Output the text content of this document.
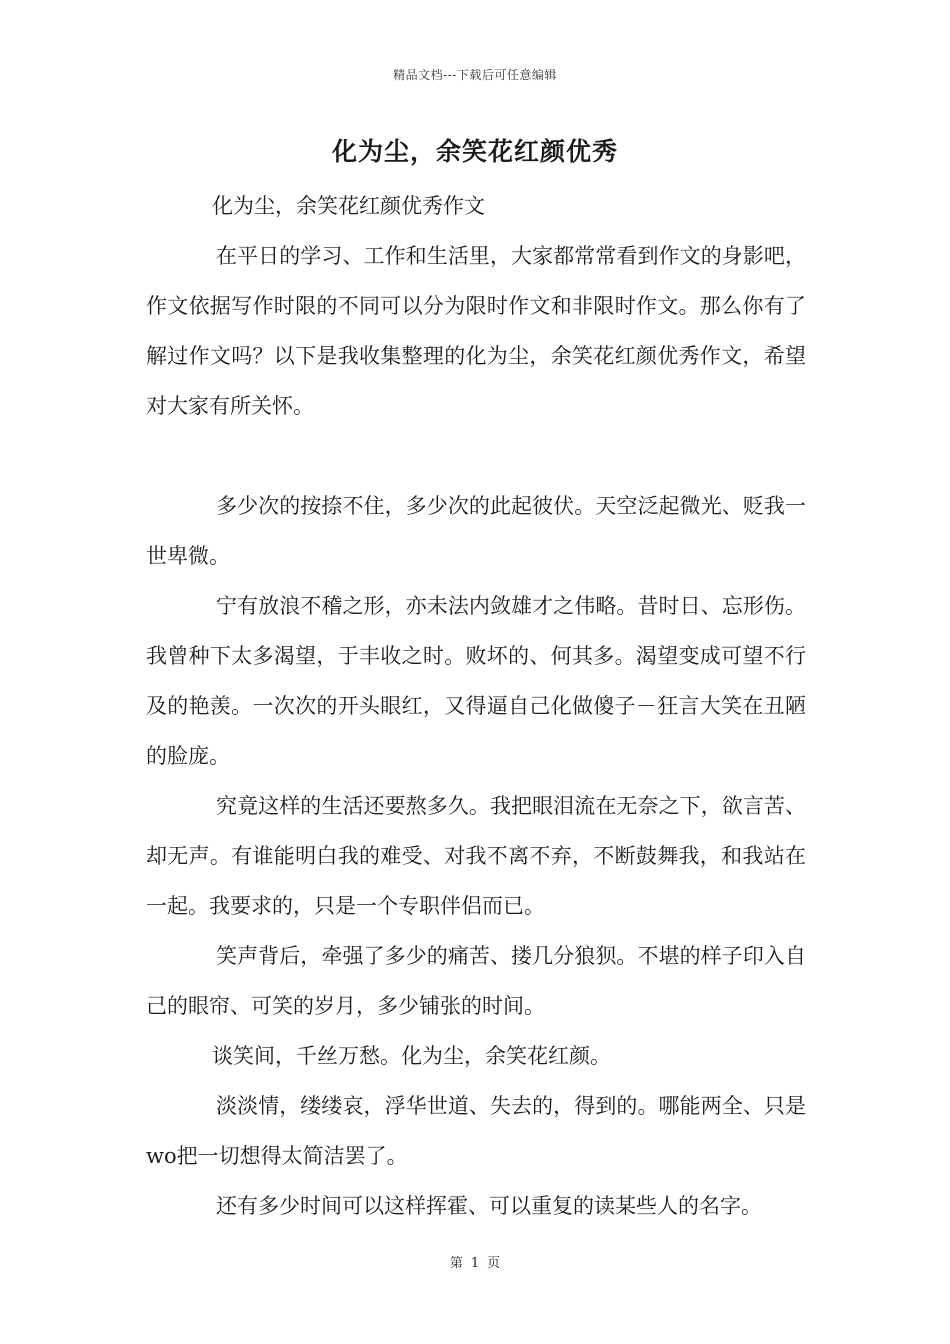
精品文档---下载后可任意编辑
化为尘，余笑花红颜优秀

化为尘，余笑花红颜优秀作文

在平日的学习、工作和生活里，大家都常常看到作文的身影吧，作文依据写作时限的不同可以分为限时作文和非限时作文。那么你有了解过作文吗？以下是我收集整理的化为尘，余笑花红颜优秀作文，希望对大家有所关怀。

多少次的按捺不住，多少次的此起彼伏。天空泛起微光、贬我一世卑微。

宁有放浪不稽之形，亦未法内敛雄才之伟略。昔时日、忘形伤。我曾种下太多渴望，于丰收之时。败坏的、何其多。渴望变成可望不行及的艳羡。一次次的开头眼红，又得逼自己化做傻子－狂言大笑在丑陋的脸庞。

究竟这样的生活还要熬多久。我把眼泪流在无奈之下，欲言苦、却无声。有谁能明白我的难受、对我不离不弃，不断鼓舞我，和我站在一起。我要求的，只是一个专职伴侣而已。

笑声背后，牵强了多少的痛苦、搂几分狼狈。不堪的样子印入自己的眼帘、可笑的岁月，多少铺张的时间。

谈笑间，千丝万愁。化为尘，余笑花红颜。

淡淡情，缕缕哀，浮华世道、失去的，得到的。哪能两全、只是wo把一切想得太简洁罢了。

还有多少时间可以这样挥霍、可以重复的读某些人的名字。

第 1 页
